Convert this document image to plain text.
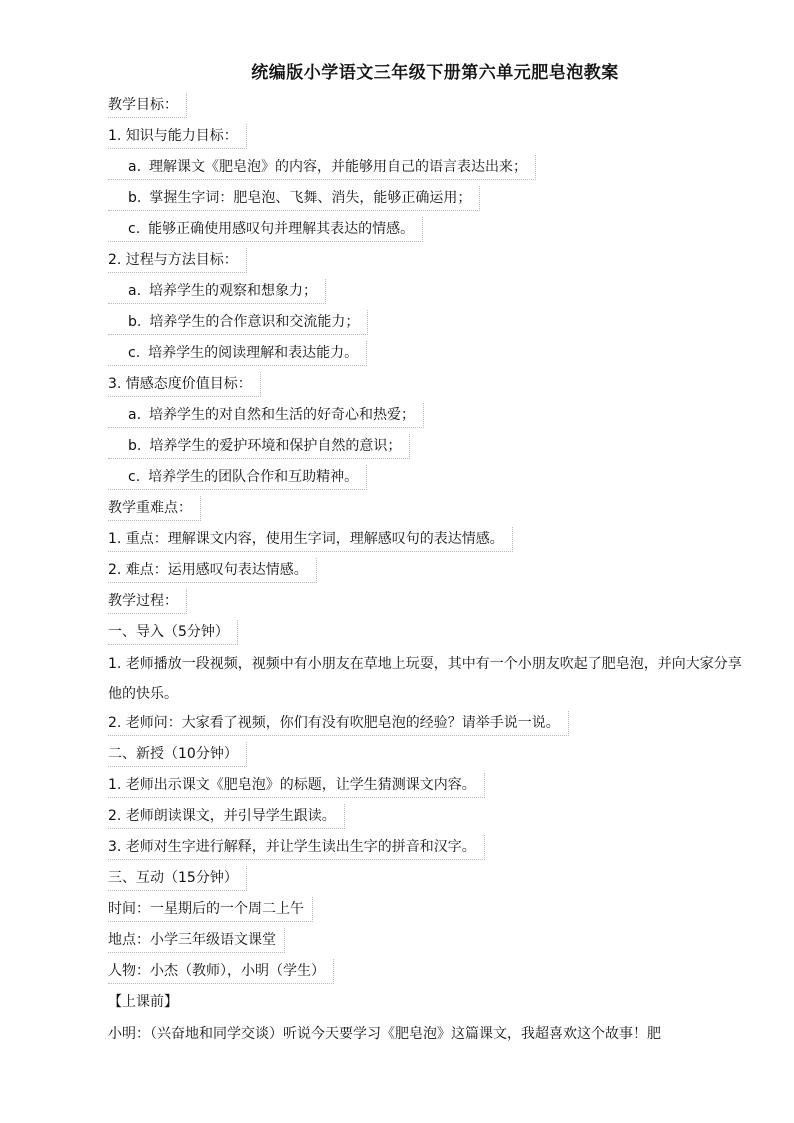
统编版小学语文三年级下册第六单元肥皂泡教案
教学目标：
1. 知识与能力目标：
a. 理解课文《肥皂泡》的内容，并能够用自己的语言表达出来；
b. 掌握生字词：肥皂泡、飞舞、消失，能够正确运用；
c. 能够正确使用感叹句并理解其表达的情感。
2. 过程与方法目标：
a. 培养学生的观察和想象力；
b. 培养学生的合作意识和交流能力；
c. 培养学生的阅读理解和表达能力。
3. 情感态度价值目标：
a. 培养学生的对自然和生活的好奇心和热爱；
b. 培养学生的爱护环境和保护自然的意识；
c. 培养学生的团队合作和互助精神。
教学重难点：
1. 重点：理解课文内容，使用生字词，理解感叹句的表达情感。
2. 难点：运用感叹句表达情感。
教学过程：
一、导入（5分钟）
1. 老师播放一段视频，视频中有小朋友在草地上玩耍，其中有一个小朋友吹起了肥皂泡，并向大家分享他的快乐。
2. 老师问：大家看了视频，你们有没有吹肥皂泡的经验？请举手说一说。
二、新授（10分钟）
1. 老师出示课文《肥皂泡》的标题，让学生猜测课文内容。
2. 老师朗读课文，并引导学生跟读。
3. 老师对生字进行解释，并让学生读出生字的拼音和汉字。
三、互动（15分钟）
时间：一星期后的一个周二上午
地点：小学三年级语文课堂
人物：小杰（教师），小明（学生）
【上课前】
小明：（兴奋地和同学交谈）听说今天要学习《肥皂泡》这篇课文，我超喜欢这个故事！肥
